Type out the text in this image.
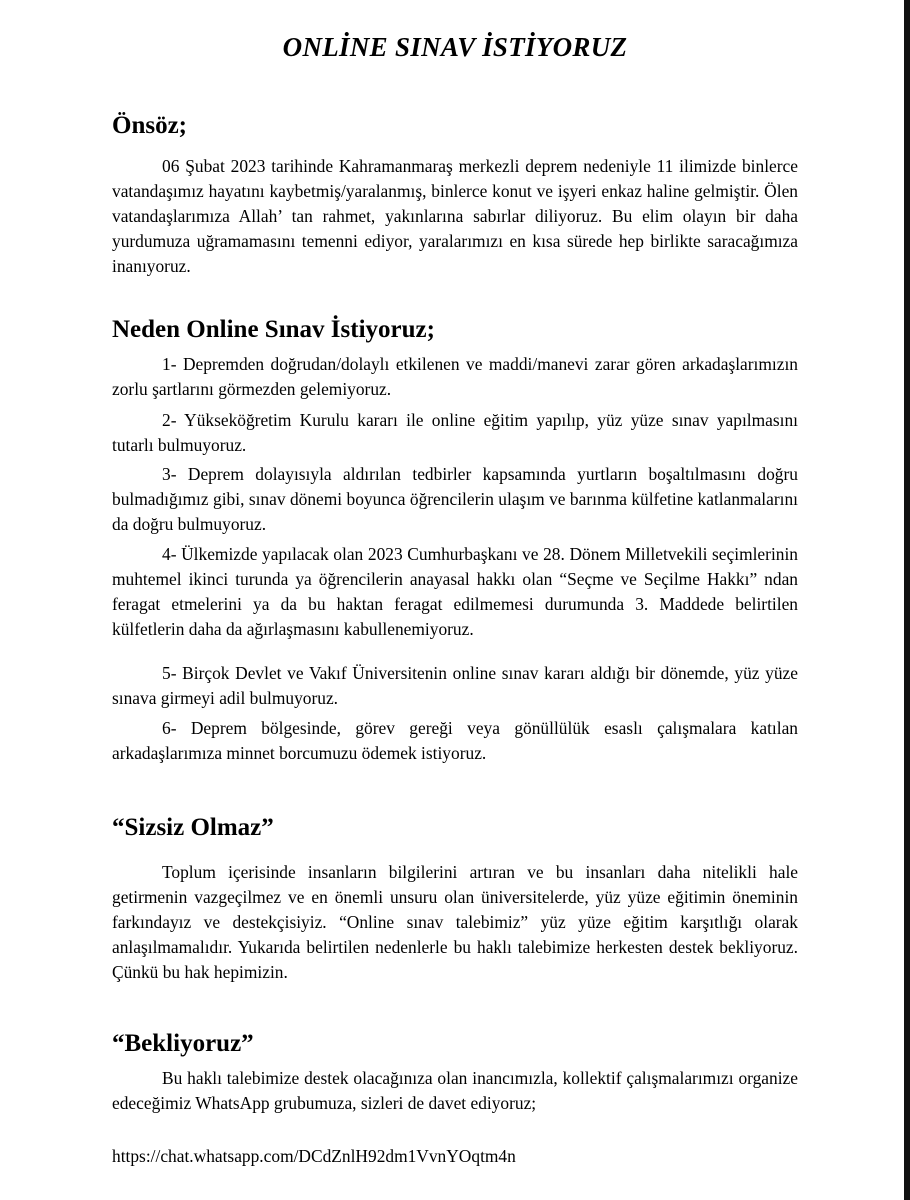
ONLİNE SINAV İSTİYORUZ
Önsöz;

06 Şubat 2023 tarihinde Kahramanmaraş merkezli deprem nedeniyle 11 ilimizde binlerce vatandaşımız hayatını kaybetmiş/yaralanmış, binlerce konut ve işyeri enkaz haline gelmiştir. Ölen vatandaşlarımıza Allah’ tan rahmet, yakınlarına sabırlar diliyoruz. Bu elim olayın bir daha yurdumuza uğramamasını temenni ediyor, yaralarımızı en kısa sürede hep birlikte saracağımıza inanıyoruz.

Neden Online Sınav İstiyoruz;

1- Depremden doğrudan/dolaylı etkilenen ve maddi/manevi zarar gören arkadaşlarımızın zorlu şartlarını görmezden gelemiyoruz.

2- Yükseköğretim Kurulu kararı ile online eğitim yapılıp, yüz yüze sınav yapılmasını tutarlı bulmuyoruz.

3- Deprem dolayısıyla aldırılan tedbirler kapsamında yurtların boşaltılmasını doğru bulmadığımız gibi, sınav dönemi boyunca öğrencilerin ulaşım ve barınma külfetine katlanmalarını da doğru bulmuyoruz.

4- Ülkemizde yapılacak olan 2023 Cumhurbaşkanı ve 28. Dönem Milletvekili seçimlerinin muhtemel ikinci turunda ya öğrencilerin anayasal hakkı olan “Seçme ve Seçilme Hakkı” ndan feragat etmelerini ya da bu haktan feragat edilmemesi durumunda 3. Maddede belirtilen külfetlerin daha da ağırlaşmasını kabullenemiyoruz.

5- Birçok Devlet ve Vakıf Üniversitenin online sınav kararı aldığı bir dönemde, yüz yüze sınava girmeyi adil bulmuyoruz.

6- Deprem bölgesinde, görev gereği veya gönüllülük esaslı çalışmalara katılan arkadaşlarımıza minnet borcumuzu ödemek istiyoruz.

“Sizsiz Olmaz”

Toplum içerisinde insanların bilgilerini artıran ve bu insanları daha nitelikli hale getirmenin vazgeçilmez ve en önemli unsuru olan üniversitelerde, yüz yüze eğitimin öneminin farkındayız ve destekçisiyiz. “Online sınav talebimiz” yüz yüze eğitim karşıtlığı olarak anlaşılmamalıdır. Yukarıda belirtilen nedenlerle bu haklı talebimize herkesten destek bekliyoruz. Çünkü bu hak hepimizin.

“Bekliyoruz”

Bu haklı talebimize destek olacağınıza olan inancımızla, kollektif çalışmalarımızı organize edeceğimiz WhatsApp grubumuza, sizleri de davet ediyoruz;

https://chat.whatsapp.com/DCdZnlH92dm1VvnYOqtm4n
